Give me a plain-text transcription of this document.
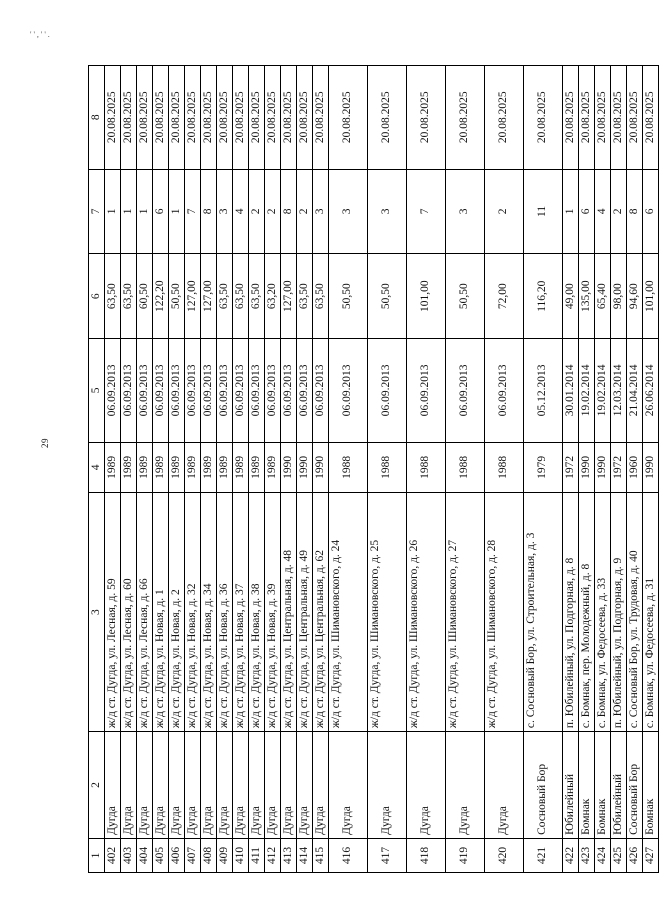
' ' , ' ' .
29
1	2	3	4	5	6	7	8
402	Дугда	ж/д ст. Дугда, ул. Лесная, д. 59	1989	06.09.2013	63,50	1	20.08.2025
403	Дугда	ж/д ст. Дугда, ул. Лесная, д. 60	1989	06.09.2013	63,50	1	20.08.2025
404	Дугда	ж/д ст. Дугда, ул. Лесная, д. 66	1989	06.09.2013	60,50	1	20.08.2025
405	Дугда	ж/д ст. Дугда, ул. Новая, д. 1	1989	06.09.2013	122,20	6	20.08.2025
406	Дугда	ж/д ст. Дугда, ул. Новая, д. 2	1989	06.09.2013	50,50	1	20.08.2025
407	Дугда	ж/д ст. Дугда, ул. Новая, д. 32	1989	06.09.2013	127,00	7	20.08.2025
408	Дугда	ж/д ст. Дугда, ул. Новая, д. 34	1989	06.09.2013	127,00	8	20.08.2025
409	Дугда	ж/д ст. Дугда, ул. Новая, д. 36	1989	06.09.2013	63,50	3	20.08.2025
410	Дугда	ж/д ст. Дугда, ул. Новая, д. 37	1989	06.09.2013	63,50	4	20.08.2025
411	Дугда	ж/д ст. Дугда, ул. Новая, д. 38	1989	06.09.2013	63,50	2	20.08.2025
412	Дугда	ж/д ст. Дугда, ул. Новая, д. 39	1989	06.09.2013	63,20	2	20.08.2025
413	Дугда	ж/д ст. Дугда, ул. Центральная, д. 48	1990	06.09.2013	127,00	8	20.08.2025
414	Дугда	ж/д ст. Дугда, ул. Центральная, д. 49	1990	06.09.2013	63,50	2	20.08.2025
415	Дугда	ж/д ст. Дугда, ул. Центральная, д. 62	1990	06.09.2013	63,50	3	20.08.2025
416	Дугда	ж/д ст. Дугда, ул. Шимановского, д. 24	1988	06.09.2013	50,50	3	20.08.2025
417	Дугда	ж/д ст. Дугда, ул. Шимановского, д. 25	1988	06.09.2013	50,50	3	20.08.2025
418	Дугда	ж/д ст. Дугда, ул. Шимановского, д. 26	1988	06.09.2013	101,00	7	20.08.2025
419	Дугда	ж/д ст. Дугда, ул. Шимановского, д. 27	1988	06.09.2013	50,50	3	20.08.2025
420	Дугда	ж/д ст. Дугда, ул. Шимановского, д. 28	1988	06.09.2013	72,00	2	20.08.2025
421	Сосновый Бор	с. Сосновый Бор, ул. Строительная, д. 3	1979	05.12.2013	116,20	11	20.08.2025
422	Юбилейный	п. Юбилейный, ул. Подгорная, д. 8	1972	30.01.2014	49,00	1	20.08.2025
423	Бомнак	с. Бомнак, пер. Молодежный, д. 8	1990	19.02.2014	135,00	6	20.08.2025
424	Бомнак	с. Бомнак, ул. Федосеева, д. 33	1990	19.02.2014	65,40	4	20.08.2025
425	Юбилейный	п. Юбилейный, ул. Подгорная, д. 9	1972	12.03.2014	98,00	2	20.08.2025
426	Сосновый Бор	с. Сосновый Бор, ул. Трудовая, д. 40	1960	21.04.2014	94,60	8	20.08.2025
427	Бомнак	с. Бомнак, ул. Федосеева, д. 31	1990	26.06.2014	101,00	6	20.08.2025
